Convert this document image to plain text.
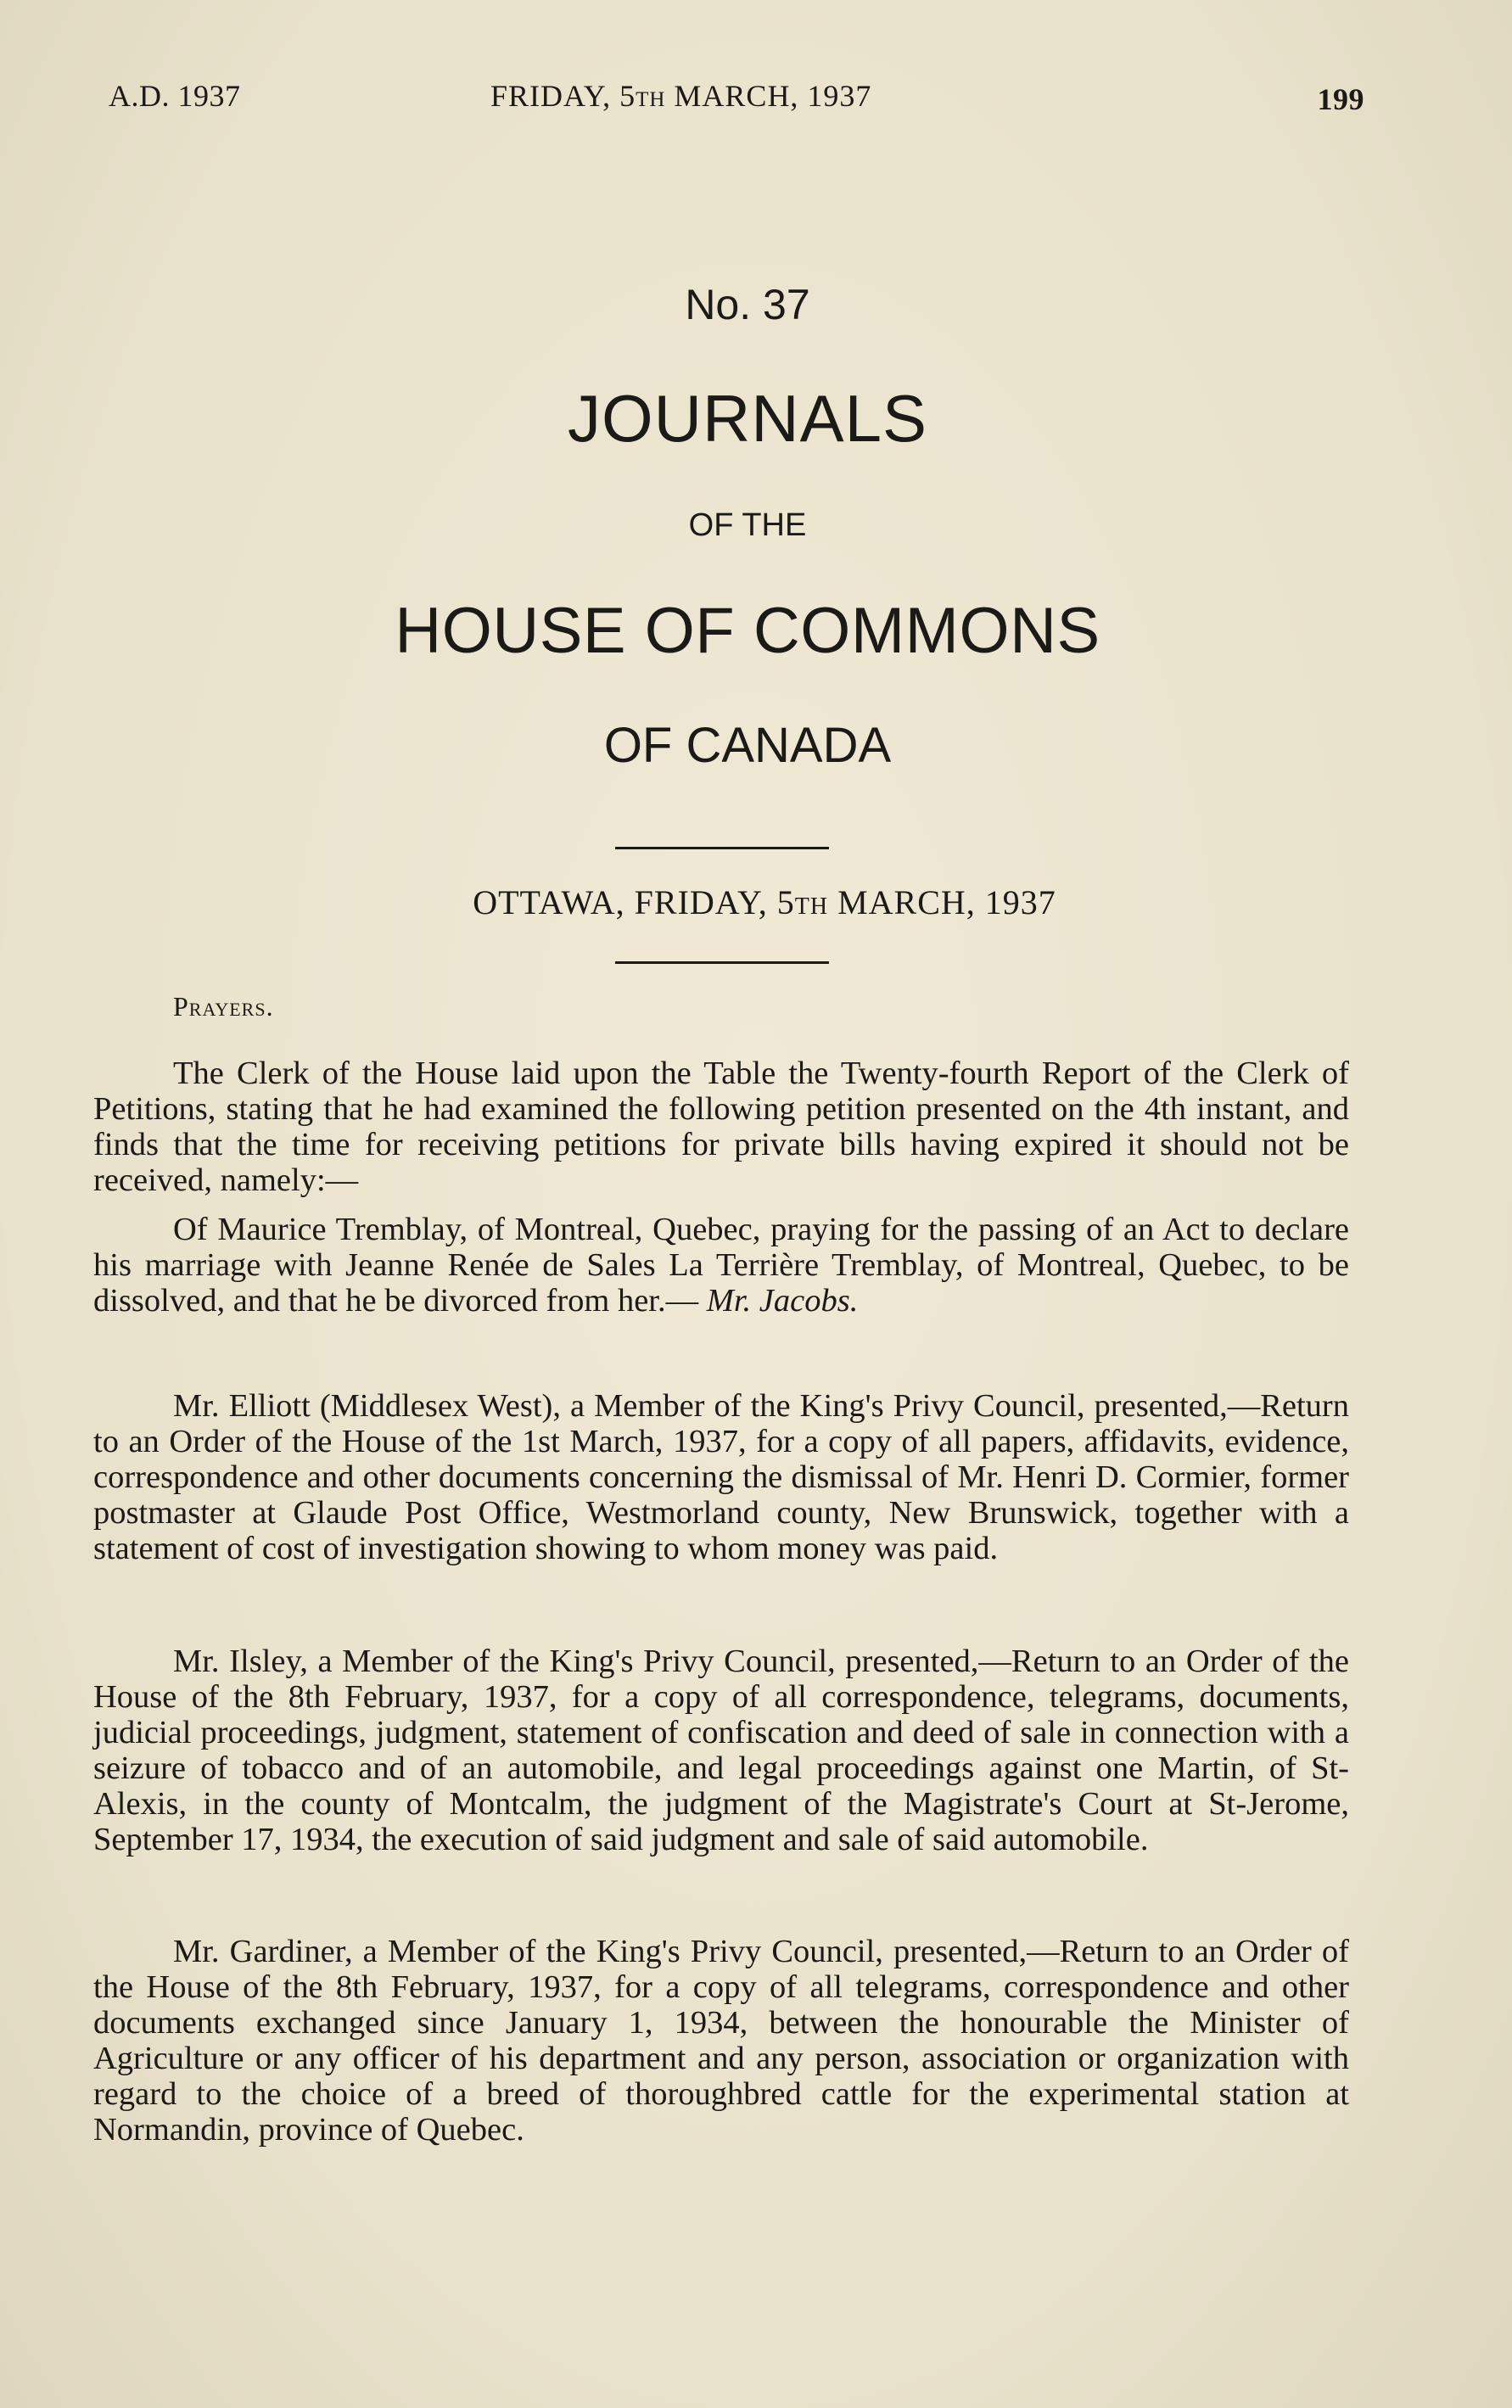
A.D. 1937	FRIDAY, 5th MARCH, 1937	199
No. 37
JOURNALS
OF THE
HOUSE OF COMMONS
OF CANADA
OTTAWA, FRIDAY, 5th MARCH, 1937
Prayers.

The Clerk of the House laid upon the Table the Twenty-fourth Report of the Clerk of Petitions, stating that he had examined the following petition presented on the 4th instant, and finds that the time for receiving petitions for private bills having expired it should not be received, namely:—

Of Maurice Tremblay, of Montreal, Quebec, praying for the passing of an Act to declare his marriage with Jeanne Renée de Sales La Terrière Tremblay, of Montreal, Quebec, to be dissolved, and that he be divorced from her.— Mr. Jacobs.

Mr. Elliott (Middlesex West), a Member of the King's Privy Council, presented,—Return to an Order of the House of the 1st March, 1937, for a copy of all papers, affidavits, evidence, correspondence and other documents concerning the dismissal of Mr. Henri D. Cormier, former postmaster at Glaude Post Office, Westmorland county, New Brunswick, together with a statement of cost of investigation showing to whom money was paid.

Mr. Ilsley, a Member of the King's Privy Council, presented,—Return to an Order of the House of the 8th February, 1937, for a copy of all correspondence, telegrams, documents, judicial proceedings, judgment, statement of confiscation and deed of sale in connection with a seizure of tobacco and of an automobile, and legal proceedings against one Martin, of St-Alexis, in the county of Montcalm, the judgment of the Magistrate's Court at St-Jerome, September 17, 1934, the execution of said judgment and sale of said automobile.

Mr. Gardiner, a Member of the King's Privy Council, presented,—Return to an Order of the House of the 8th February, 1937, for a copy of all telegrams, correspondence and other documents exchanged since January 1, 1934, between the honourable the Minister of Agriculture or any officer of his department and any person, association or organization with regard to the choice of a breed of thoroughbred cattle for the experimental station at Normandin, province of Quebec.
